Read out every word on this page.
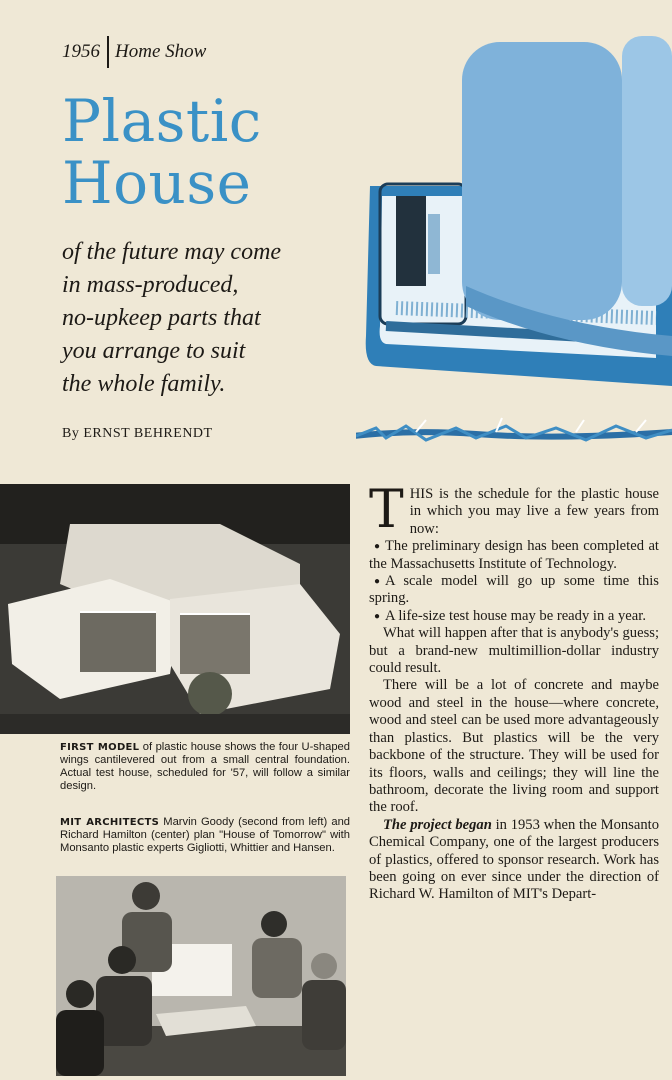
1956 Home Show
Plastic
House
of the future may come
in mass-produced,
no-upkeep parts that
you arrange to suit
the whole family.
By ERNST BEHRENDT
FIRST MODEL of plastic house shows the four U-shaped wings cantilevered out from a small central foundation. Actual test house, scheduled for '57, will follow a similar design.
MIT ARCHITECTS Marvin Goody (second from left) and Richard Hamilton (center) plan "House of Tomorrow" with Monsanto plastic experts Gigliotti, Whittier and Hansen.

THIS is the schedule for the plastic house in which you may live a few years from now:

● The preliminary design has been completed at the Massachusetts Institute of Technology.

● A scale model will go up some time this spring.

● A life-size test house may be ready in a year.

What will happen after that is anybody's guess; but a brand-new multimillion-dollar industry could result.

There will be a lot of concrete and maybe wood and steel in the house—where concrete, wood and steel can be used more advantageously than plastics. But plastics will be the very backbone of the structure. They will be used for its floors, walls and ceilings; they will line the bathroom, decorate the living room and support the roof.

The project began in 1953 when the Monsanto Chemical Company, one of the largest producers of plastics, offered to sponsor research. Work has been going on ever since under the direction of Richard W. Hamilton of MIT's Depart-
